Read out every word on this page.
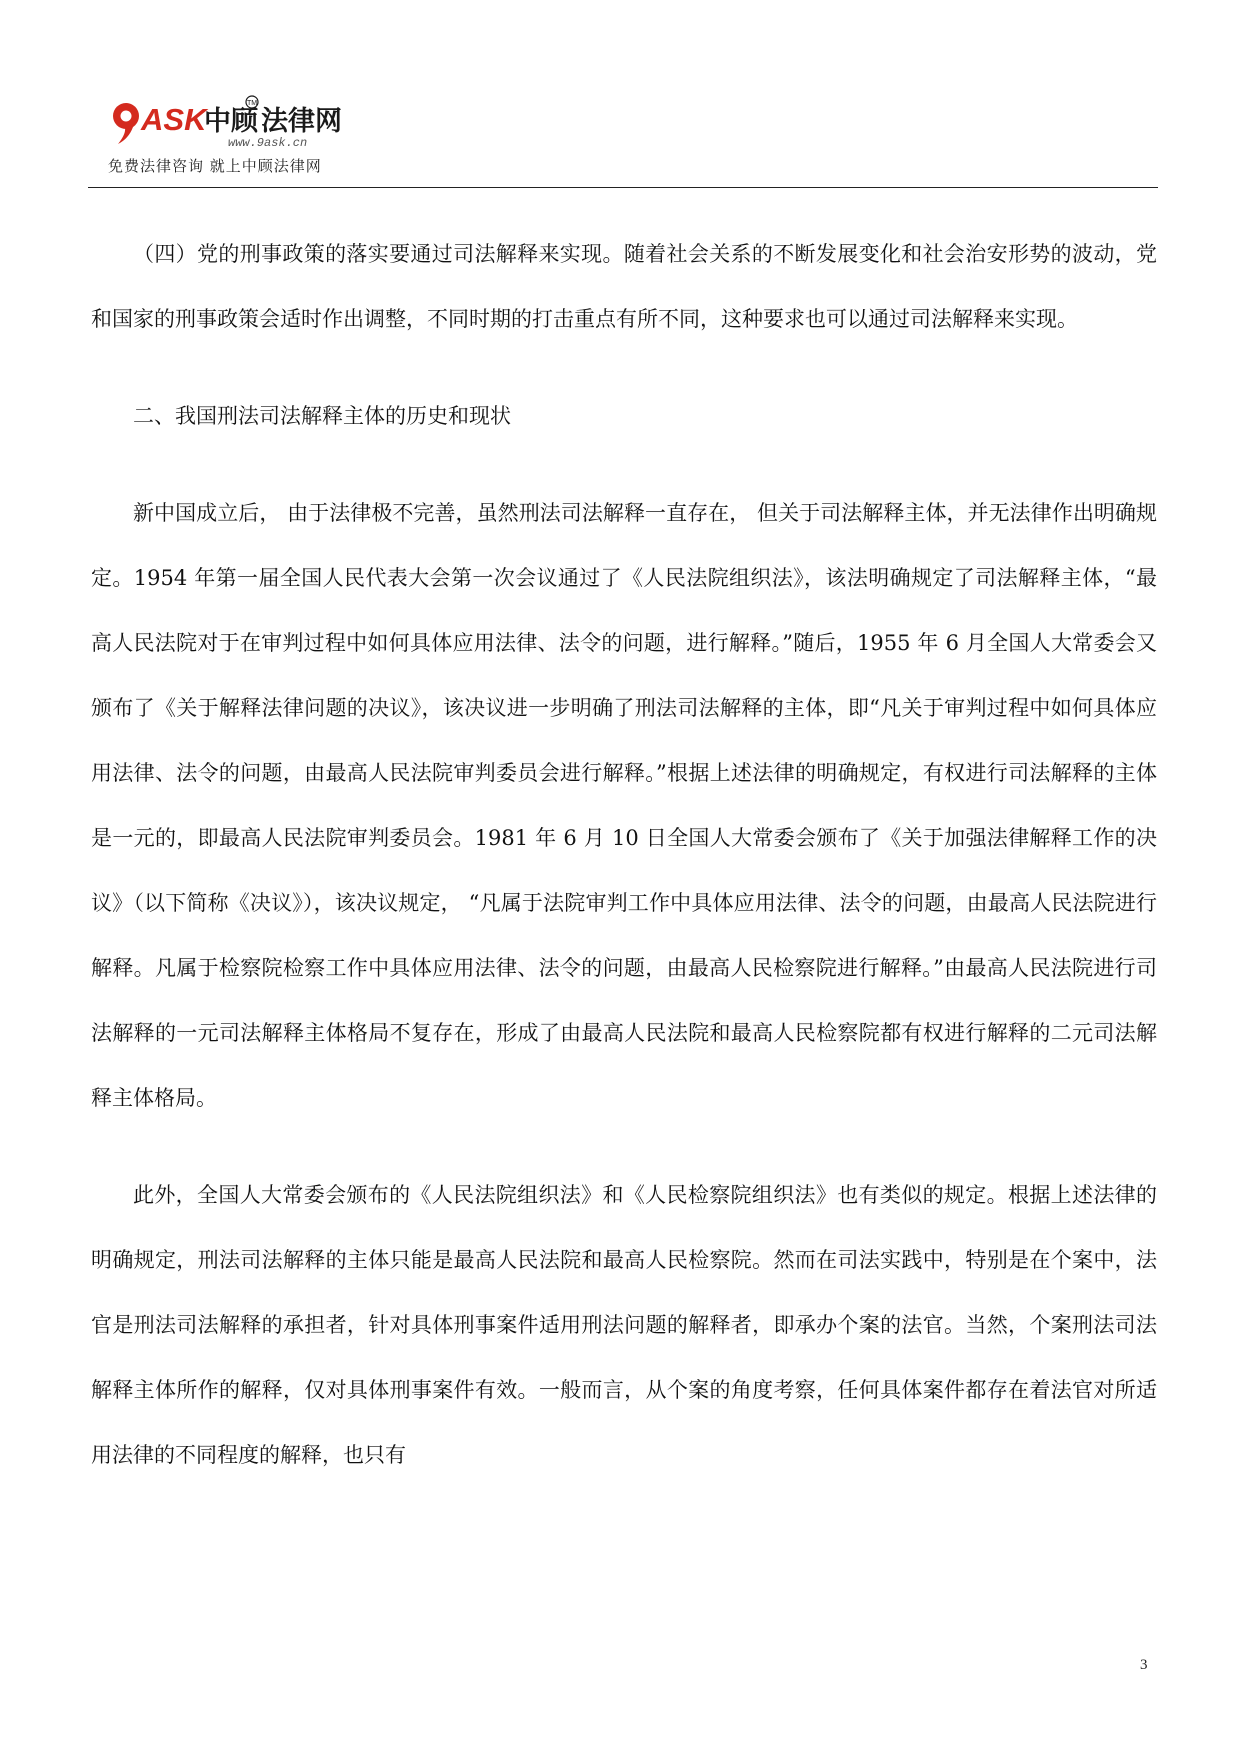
ASK
中顾 法律网
TM
www.9ask.cn
免费法律咨询 就上中顾法律网

（四）党的刑事政策的落实要通过司法解释来实现。随着社会关系的不断发展变化和社会治安形势的波动，党和国家的刑事政策会适时作出调整，不同时期的打击重点有所不同，这种要求也可以通过司法解释来实现。

二、我国刑法司法解释主体的历史和现状

新中国成立后， 由于法律极不完善，虽然刑法司法解释一直存在， 但关于司法解释主体，并无法律作出明确规定。1954 年第一届全国人民代表大会第一次会议通过了《人民法院组织法》，该法明确规定了司法解释主体，“最高人民法院对于在审判过程中如何具体应用法律、法令的问题，进行解释。”随后，1955 年 6 月全国人大常委会又颁布了《关于解释法律问题的决议》，该决议进一步明确了刑法司法解释的主体，即“凡关于审判过程中如何具体应用法律、法令的问题，由最高人民法院审判委员会进行解释。”根据上述法律的明确规定，有权进行司法解释的主体是一元的，即最高人民法院审判委员会。1981 年 6 月 10 日全国人大常委会颁布了《关于加强法律解释工作的决议》（以下简称《决议》），该决议规定， “凡属于法院审判工作中具体应用法律、法令的问题，由最高人民法院进行解释。凡属于检察院检察工作中具体应用法律、法令的问题，由最高人民检察院进行解释。”由最高人民法院进行司法解释的一元司法解释主体格局不复存在，形成了由最高人民法院和最高人民检察院都有权进行解释的二元司法解释主体格局。

此外，全国人大常委会颁布的《人民法院组织法》和《人民检察院组织法》也有类似的规定。根据上述法律的明确规定，刑法司法解释的主体只能是最高人民法院和最高人民检察院。然而在司法实践中，特别是在个案中，法官是刑法司法解释的承担者，针对具体刑事案件适用刑法问题的解释者，即承办个案的法官。当然，个案刑法司法解释主体所作的解释，仅对具体刑事案件有效。一般而言，从个案的角度考察，任何具体案件都存在着法官对所适用法律的不同程度的解释，也只有

3
